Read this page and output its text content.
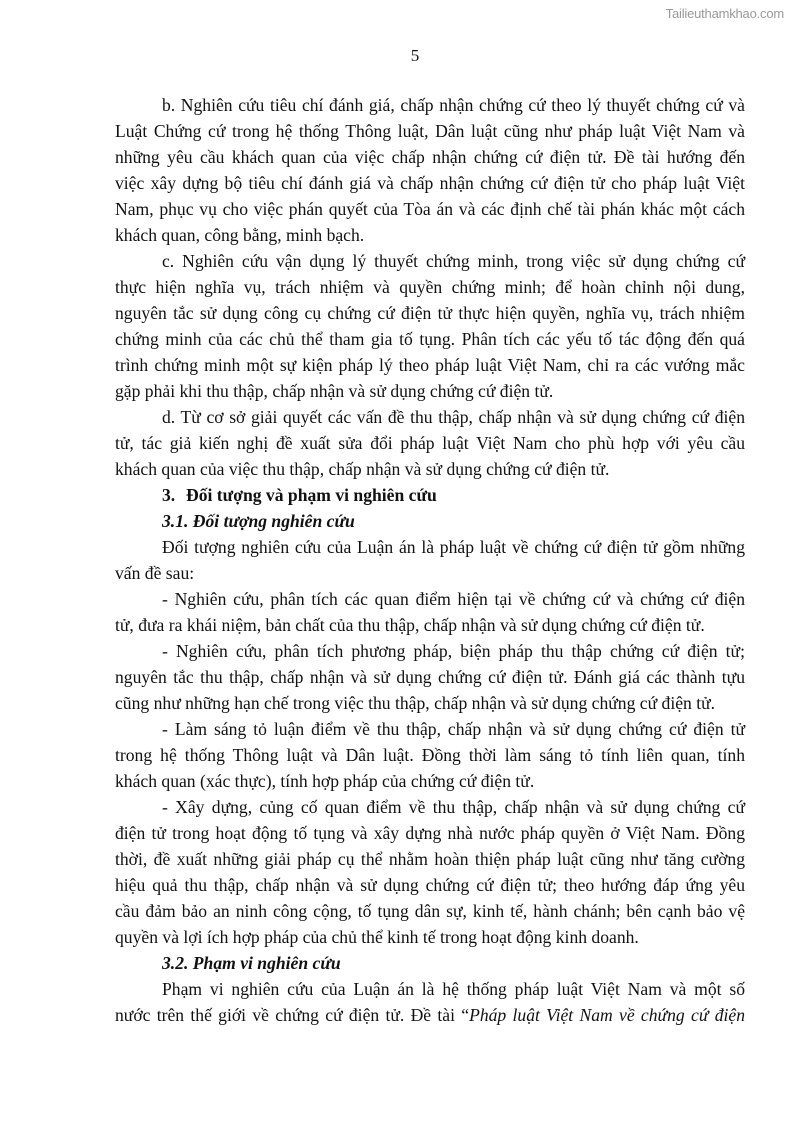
Tailieuthamkhao.com
5
b. Nghiên cứu tiêu chí đánh giá, chấp nhận chứng cứ theo lý thuyết chứng cứ và
Luật Chứng cứ trong hệ thống Thông luật, Dân luật cũng như pháp luật Việt Nam và
những yêu cầu khách quan của việc chấp nhận chứng cứ điện tử. Đề tài hướng đến
việc xây dựng bộ tiêu chí đánh giá và chấp nhận chứng cứ điện tử cho pháp luật Việt
Nam, phục vụ cho việc phán quyết của Tòa án và các định chế tài phán khác một cách
khách quan, công bằng, minh bạch.
c. Nghiên cứu vận dụng lý thuyết chứng minh, trong việc sử dụng chứng cứ
thực hiện nghĩa vụ, trách nhiệm và quyền chứng minh; để hoàn chỉnh nội dung,
nguyên tắc sử dụng công cụ chứng cứ điện tử thực hiện quyền, nghĩa vụ, trách nhiệm
chứng minh của các chủ thể tham gia tố tụng. Phân tích các yếu tố tác động đến quá
trình chứng minh một sự kiện pháp lý theo pháp luật Việt Nam, chỉ ra các vướng mắc
gặp phải khi thu thập, chấp nhận và sử dụng chứng cứ điện tử.
d. Từ cơ sở giải quyết các vấn đề thu thập, chấp nhận và sử dụng chứng cứ điện
tử, tác giả kiến nghị đề xuất sửa đổi pháp luật Việt Nam cho phù hợp với yêu cầu
khách quan của việc thu thập, chấp nhận và sử dụng chứng cứ điện tử.
3. Đối tượng và phạm vi nghiên cứu
3.1. Đối tượng nghiên cứu
Đối tượng nghiên cứu của Luận án là pháp luật về chứng cứ điện tử gồm những
vấn đề sau:
- Nghiên cứu, phân tích các quan điểm hiện tại về chứng cứ và chứng cứ điện
tử, đưa ra khái niệm, bản chất của thu thập, chấp nhận và sử dụng chứng cứ điện tử.
- Nghiên cứu, phân tích phương pháp, biện pháp thu thập chứng cứ điện tử;
nguyên tắc thu thập, chấp nhận và sử dụng chứng cứ điện tử. Đánh giá các thành tựu
cũng như những hạn chế trong việc thu thập, chấp nhận và sử dụng chứng cứ điện tử.
- Làm sáng tỏ luận điểm về thu thập, chấp nhận và sử dụng chứng cứ điện tử
trong hệ thống Thông luật và Dân luật. Đồng thời làm sáng tỏ tính liên quan, tính
khách quan (xác thực), tính hợp pháp của chứng cứ điện tử.
- Xây dựng, củng cố quan điểm về thu thập, chấp nhận và sử dụng chứng cứ
điện tử trong hoạt động tố tụng và xây dựng nhà nước pháp quyền ở Việt Nam. Đồng
thời, đề xuất những giải pháp cụ thể nhằm hoàn thiện pháp luật cũng như tăng cường
hiệu quả thu thập, chấp nhận và sử dụng chứng cứ điện tử; theo hướng đáp ứng yêu
cầu đảm bảo an ninh công cộng, tố tụng dân sự, kinh tế, hành chánh; bên cạnh bảo vệ
quyền và lợi ích hợp pháp của chủ thể kinh tế trong hoạt động kinh doanh.
3.2. Phạm vi nghiên cứu
Phạm vi nghiên cứu của Luận án là hệ thống pháp luật Việt Nam và một số
nước trên thế giới về chứng cứ điện tử. Đề tài “Pháp luật Việt Nam về chứng cứ điện
